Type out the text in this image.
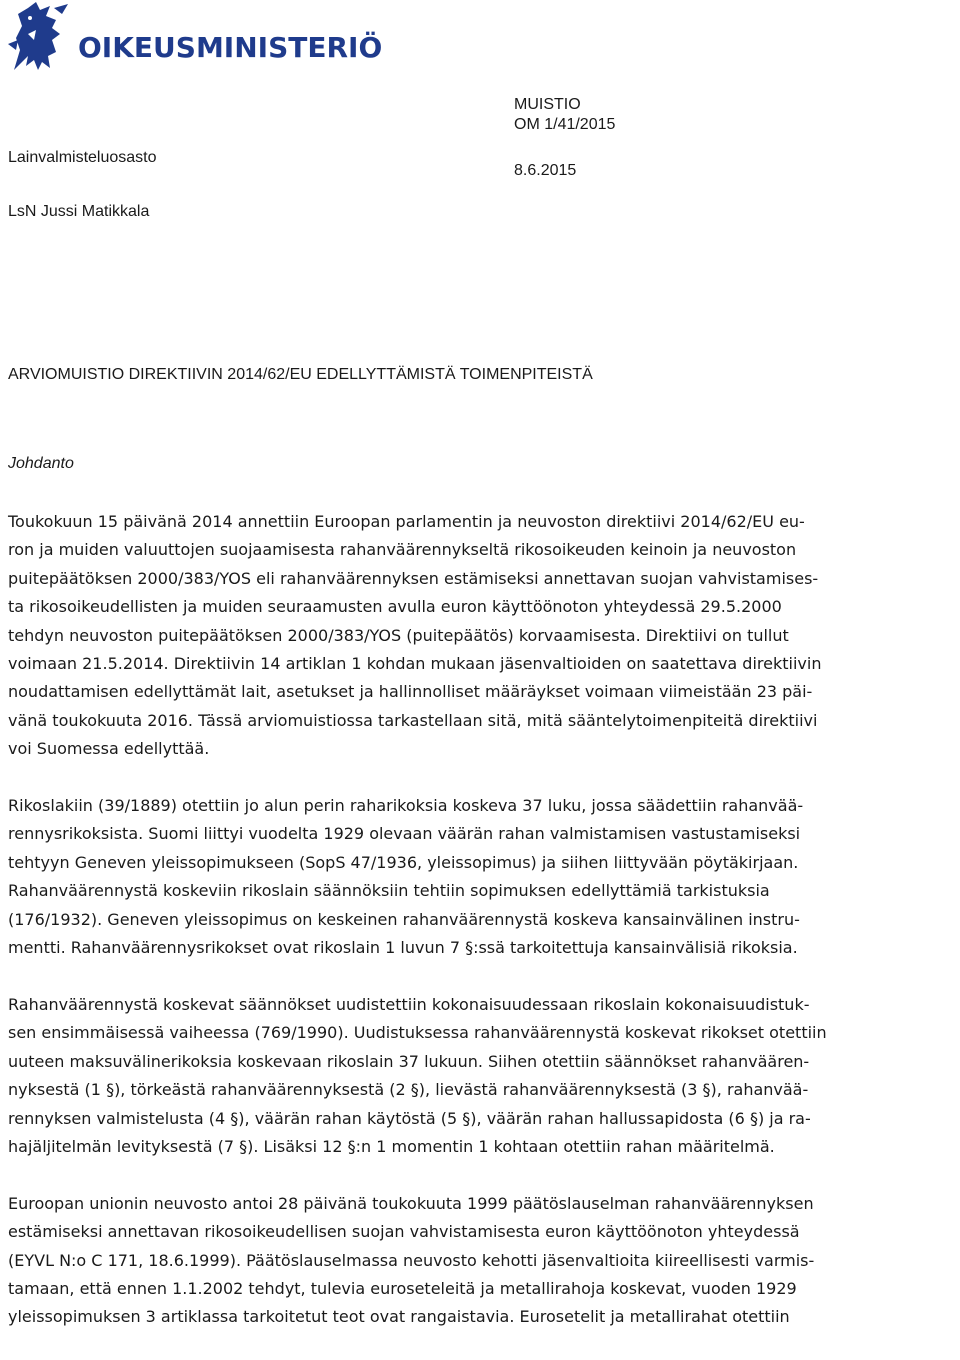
OIKEUSMINISTERIÖ

Lainvalmisteluosasto

LsN Jussi Matikkala

MUISTIO

OM 1/41/2015

8.6.2015

ARVIOMUISTIO DIREKTIIVIN 2014/62/EU EDELLYTTÄMISTÄ TOIMENPITEISTÄ
Johdanto

Toukokuun 15 päivänä 2014 annettiin Euroopan parlamentin ja neuvoston direktiivi 2014/62/EU eu-
ron ja muiden valuuttojen suojaamisesta rahanväärennykseltä rikosoikeuden keinoin ja neuvoston
puitepäätöksen 2000/383/YOS eli rahanväärennyksen estämiseksi annettavan suojan vahvistamises-
ta rikosoikeudellisten ja muiden seuraamusten avulla euron käyttöönoton yhteydessä 29.5.2000
tehdyn neuvoston puitepäätöksen 2000/383/YOS (puitepäätös) korvaamisesta. Direktiivi on tullut
voimaan 21.5.2014. Direktiivin 14 artiklan 1 kohdan mukaan jäsenvaltioiden on saatettava direktiivin
noudattamisen edellyttämät lait, asetukset ja hallinnolliset määräykset voimaan viimeistään 23 päi-
vänä toukokuuta 2016. Tässä arviomuistiossa tarkastellaan sitä, mitä sääntelytoimenpiteitä direktiivi
voi Suomessa edellyttää.

Rikoslakiin (39/1889) otettiin jo alun perin raharikoksia koskeva 37 luku, jossa säädettiin rahanvää-
rennysrikoksista. Suomi liittyi vuodelta 1929 olevaan väärän rahan valmistamisen vastustamiseksi
tehtyyn Geneven yleissopimukseen (SopS 47/1936, yleissopimus) ja siihen liittyvään pöytäkirjaan.
Rahanväärennystä koskeviin rikoslain säännöksiin tehtiin sopimuksen edellyttämiä tarkistuksia
(176/1932). Geneven yleissopimus on keskeinen rahanväärennystä koskeva kansainvälinen instru-
mentti. Rahanväärennysrikokset ovat rikoslain 1 luvun 7 §:ssä tarkoitettuja kansainvälisiä rikoksia.

Rahanväärennystä koskevat säännökset uudistettiin kokonaisuudessaan rikoslain kokonaisuudistuk-
sen ensimmäisessä vaiheessa (769/1990). Uudistuksessa rahanväärennystä koskevat rikokset otettiin
uuteen maksuvälinerikoksia koskevaan rikoslain 37 lukuun. Siihen otettiin säännökset rahanväären-
nyksestä (1 §), törkeästä rahanväärennyksestä (2 §), lievästä rahanväärennyksestä (3 §), rahanvää-
rennyksen valmistelusta (4 §), väärän rahan käytöstä (5 §), väärän rahan hallussapidosta (6 §) ja ra-
hajäljitelmän levityksestä (7 §). Lisäksi 12 §:n 1 momentin 1 kohtaan otettiin rahan määritelmä.

Euroopan unionin neuvosto antoi 28 päivänä toukokuuta 1999 päätöslauselman rahanväärennyksen
estämiseksi annettavan rikosoikeudellisen suojan vahvistamisesta euron käyttöönoton yhteydessä
(EYVL N:o C 171, 18.6.1999). Päätöslauselmassa neuvosto kehotti jäsenvaltioita kiireellisesti varmis-
tamaan, että ennen 1.1.2002 tehdyt, tulevia euroseteleitä ja metallirahoja koskevat, vuoden 1929
yleissopimuksen 3 artiklassa tarkoitetut teot ovat rangaistavia. Eurosetelit ja metallirahat otettiin
